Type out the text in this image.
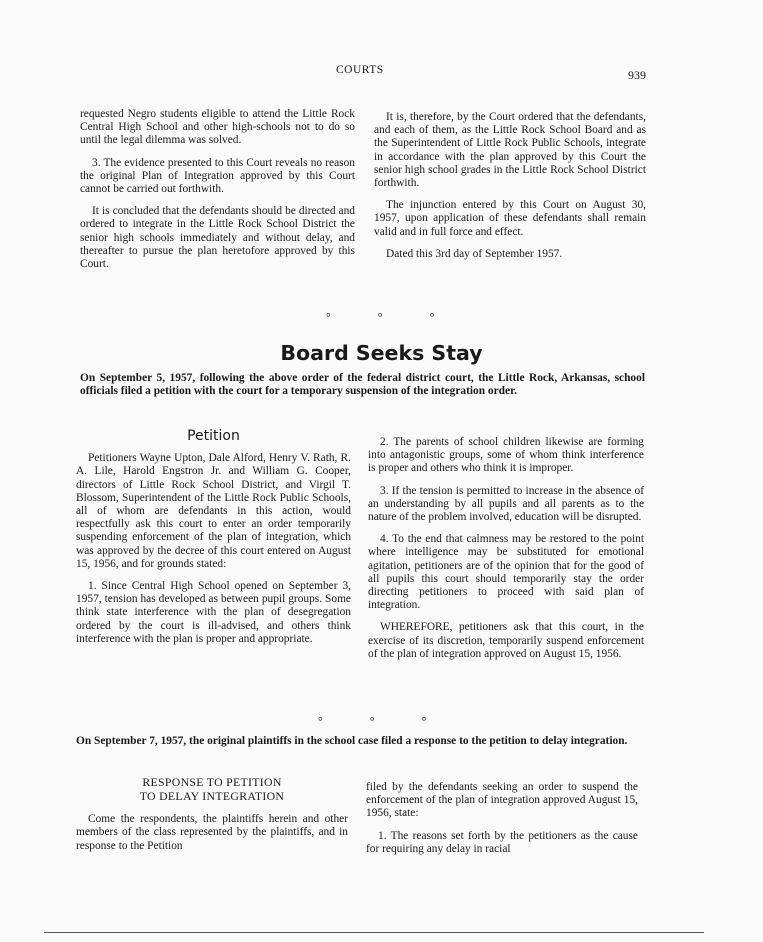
COURTS	939

requested Negro students eligible to attend the Little Rock Central High School and other high-schools not to do so until the legal dilemma was solved.

3. The evidence presented to this Court reveals no reason the original Plan of Integration approved by this Court cannot be carried out forthwith.

It is concluded that the defendants should be directed and ordered to integrate in the Little Rock School District the senior high schools immediately and without delay, and thereafter to pursue the plan heretofore approved by this Court.

It is, therefore, by the Court ordered that the defendants, and each of them, as the Little Rock School Board and as the Superintendent of Little Rock Public Schools, integrate in accordance with the plan approved by this Court the senior high school grades in the Little Rock School District forthwith.

The injunction entered by this Court on August 30, 1957, upon application of these defendants shall remain valid and in full force and effect.

Dated this 3rd day of September 1957.

° ° °
Board Seeks Stay
On September 5, 1957, following the above order of the federal district court, the Little Rock, Arkansas, school officials filed a petition with the court for a temporary suspension of the integration order.

Petition

Petitioners Wayne Upton, Dale Alford, Henry V. Rath, R. A. Lile, Harold Engstron Jr. and William G. Cooper, directors of Little Rock School District, and Virgil T. Blossom, Superintendent of the Little Rock Public Schools, all of whom are defendants in this action, would respectfully ask this court to enter an order temporarily suspending enforcement of the plan of integration, which was approved by the decree of this court entered on August 15, 1956, and for grounds stated:

1. Since Central High School opened on September 3, 1957, tension has developed as between pupil groups. Some think state interference with the plan of desegregation ordered by the court is ill-advised, and others think interference with the plan is proper and appropriate.

2. The parents of school children likewise are forming into antagonistic groups, some of whom think interference is proper and others who think it is improper.

3. If the tension is permitted to increase in the absence of an understanding by all pupils and all parents as to the nature of the problem involved, education will be disrupted.

4. To the end that calmness may be restored to the point where intelligence may be substituted for emotional agitation, petitioners are of the opinion that for the good of all pupils this court should temporarily stay the order directing petitioners to proceed with said plan of integration.

WHEREFORE, petitioners ask that this court, in the exercise of its discretion, temporarily suspend enforcement of the plan of integration approved on August 15, 1956.

° ° °
On September 7, 1957, the original plaintiffs in the school case filed a response to the petition to delay integration.

RESPONSE TO PETITION

TO DELAY INTEGRATION

Come the respondents, the plaintiffs herein and other members of the class represented by the plaintiffs, and in response to the Petition

filed by the defendants seeking an order to suspend the enforcement of the plan of integration approved August 15, 1956, state:

1. The reasons set forth by the petitioners as the cause for requiring any delay in racial
